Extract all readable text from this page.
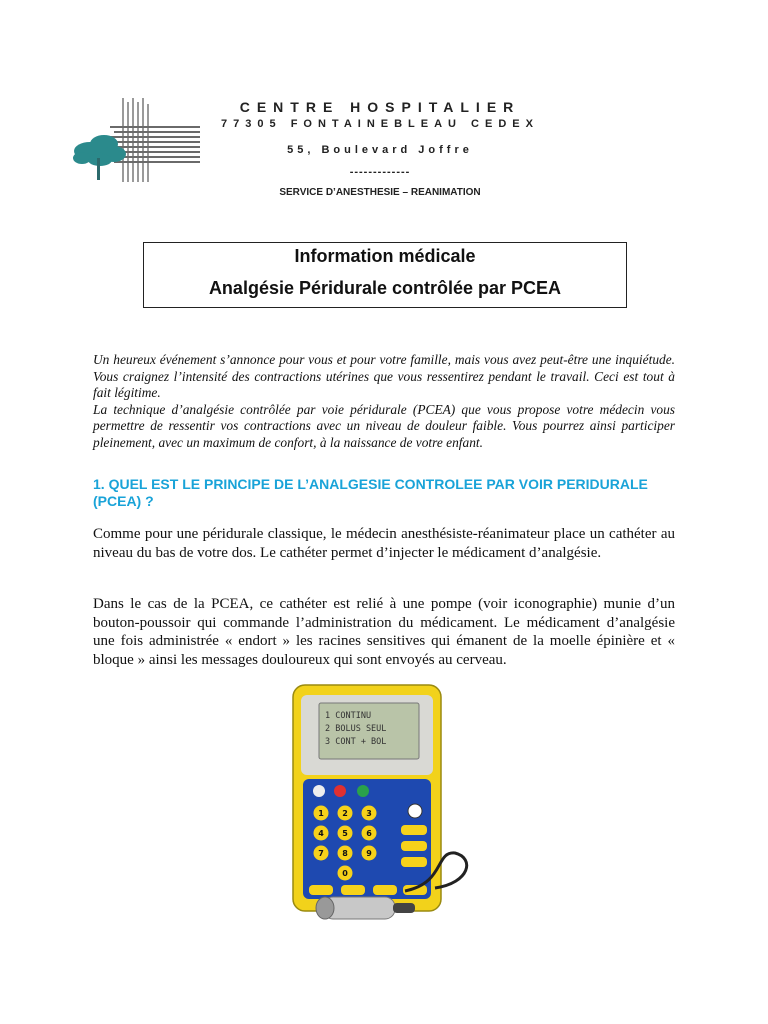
CENTRE HOSPITALIER
77305 FONTAINEBLEAU CEDEX
55, Boulevard Joffre
-------------
SERVICE D’ANESTHESIE – REANIMATION
Information médicale
Analgésie Péridurale contrôlée par PCEA

Un heureux événement s’annonce pour vous et pour votre famille, mais vous avez peut-être une inquiétude. Vous craignez l’intensité des contractions utérines que vous ressentirez pendant le travail. Ceci est tout à fait légitime.

La technique d’analgésie contrôlée par voie péridurale (PCEA) que vous propose votre médecin vous permettre de ressentir vos contractions avec un niveau de douleur faible. Vous pourrez ainsi participer pleinement, avec un maximum de confort, à la naissance de votre enfant.

1. QUEL EST LE PRINCIPE DE L’ANALGESIE CONTROLEE PAR VOIR PERIDURALE (PCEA) ?

Comme pour une péridurale classique, le médecin anesthésiste-réanimateur place un cathéter au niveau du bas de votre dos. Le cathéter permet d’injecter le médicament d’analgésie.

Dans le cas de la PCEA, ce cathéter est relié à une pompe (voir iconographie) munie d’un bouton-poussoir qui commande l’administration du médicament. Le médicament d’analgésie une fois administrée « endort » les racines sensitives qui émanent de la moelle épinière et « bloque » ainsi les messages douloureux qui sont envoyés au cerveau.

1 CONTINU
2 BOLUS SEUL
3 CONT + BOL
1 2 3
4 5 6
7 8 9
0
